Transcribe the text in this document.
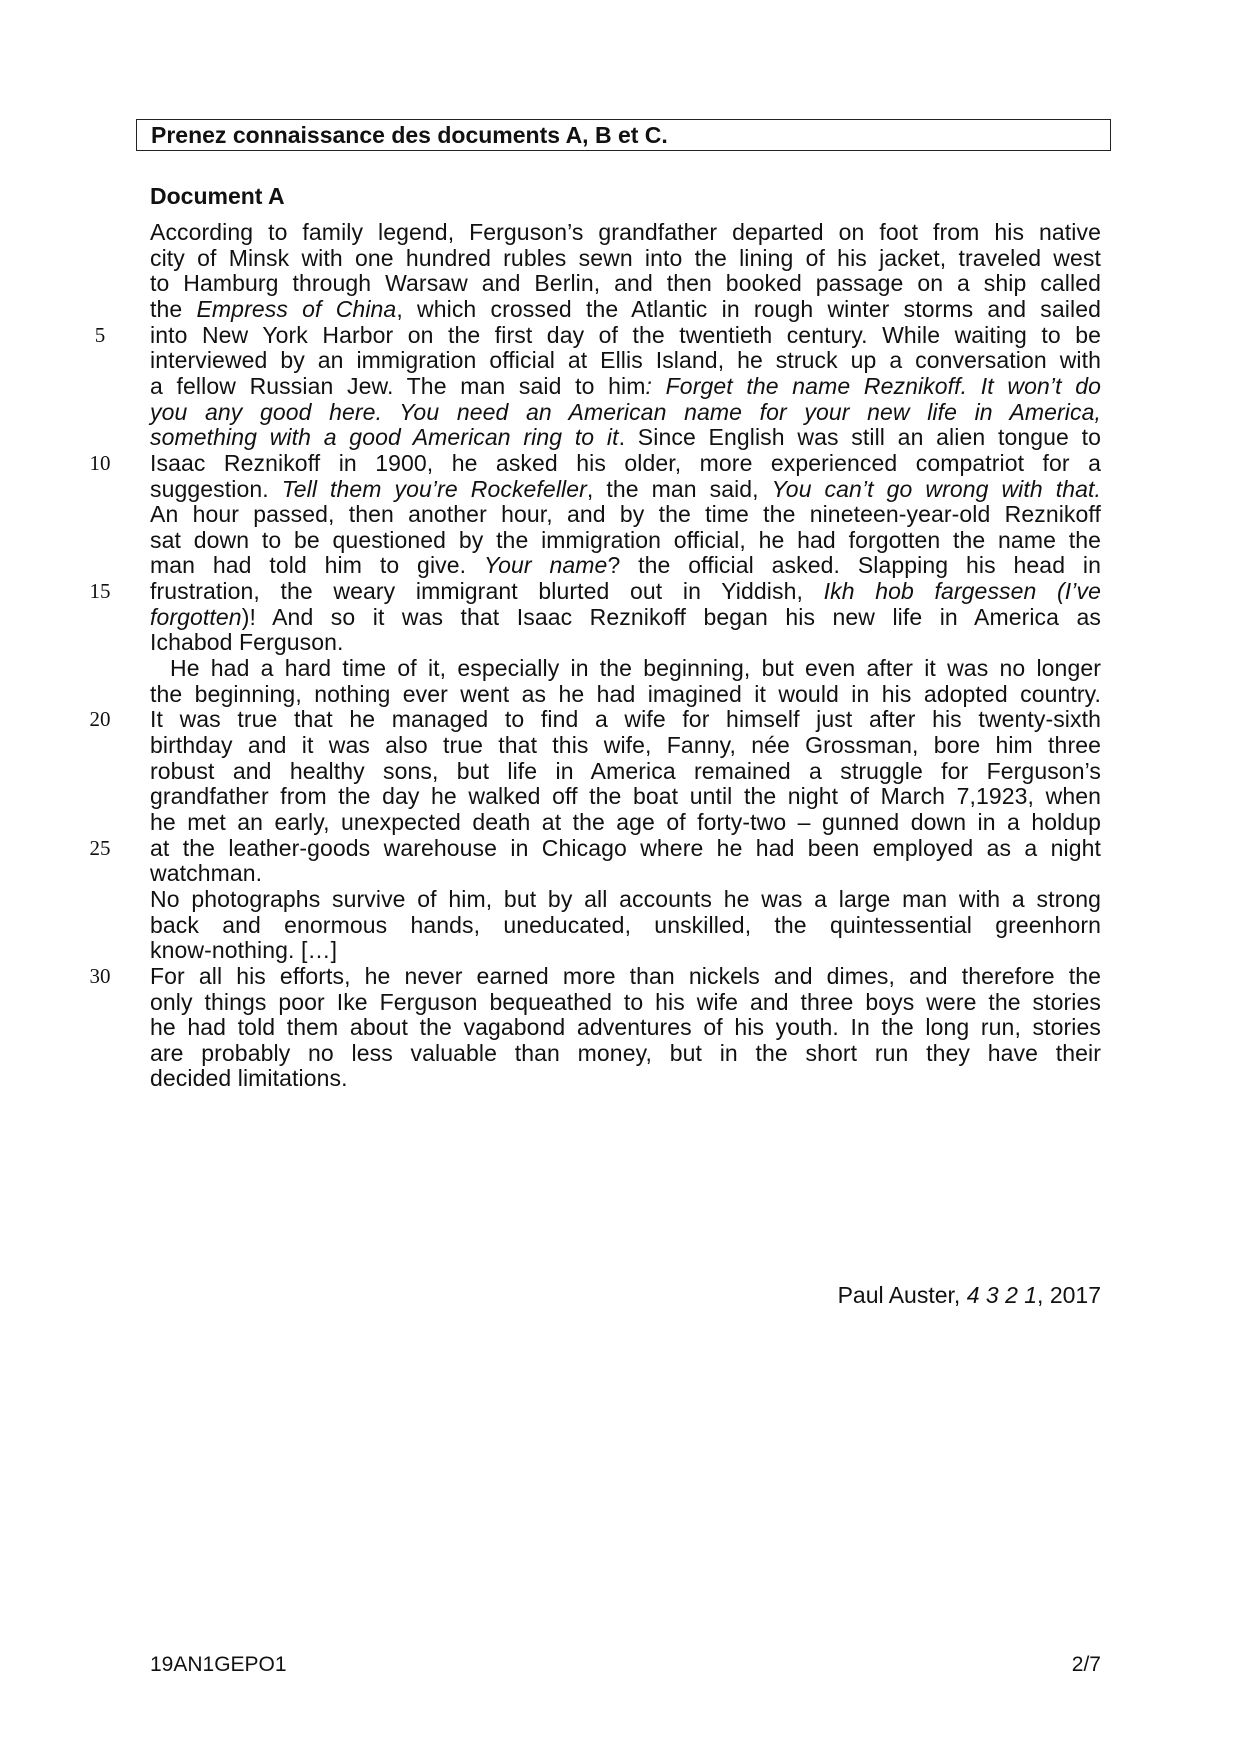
Prenez connaissance des documents A, B et C.
Document A
According to family legend, Ferguson’s grandfather departed on foot from his native
city of Minsk with one hundred rubles sewn into the lining of his jacket, traveled west
to Hamburg through Warsaw and Berlin, and then booked passage on a ship called
the Empress of China, which crossed the Atlantic in rough winter storms and sailed
into New York Harbor on the first day of the twentieth century. While waiting to be
interviewed by an immigration official at Ellis Island, he struck up a conversation with
a fellow Russian Jew. The man said to him: Forget the name Reznikoff. It won’t do
you any good here. You need an American name for your new life in America,
something with a good American ring to it. Since English was still an alien tongue to
Isaac Reznikoff in 1900, he asked his older, more experienced compatriot for a
suggestion. Tell them you’re Rockefeller, the man said, You can’t go wrong with that.
An hour passed, then another hour, and by the time the nineteen-year-old Reznikoff
sat down to be questioned by the immigration official, he had forgotten the name the
man had told him to give. Your name? the official asked. Slapping his head in
frustration, the weary immigrant blurted out in Yiddish, Ikh hob fargessen (I’ve
forgotten)! And so it was that Isaac Reznikoff began his new life in America as
Ichabod Ferguson.
He had a hard time of it, especially in the beginning, but even after it was no longer
the beginning, nothing ever went as he had imagined it would in his adopted country.
It was true that he managed to find a wife for himself just after his twenty-sixth
birthday and it was also true that this wife, Fanny, née Grossman, bore him three
robust and healthy sons, but life in America remained a struggle for Ferguson’s
grandfather from the day he walked off the boat until the night of March 7,1923, when
he met an early, unexpected death at the age of forty-two – gunned down in a holdup
at the leather-goods warehouse in Chicago where he had been employed as a night
watchman.
No photographs survive of him, but by all accounts he was a large man with a strong
back and enormous hands, uneducated, unskilled, the quintessential greenhorn
know-nothing. […]
For all his efforts, he never earned more than nickels and dimes, and therefore the
only things poor Ike Ferguson bequeathed to his wife and three boys were the stories
he had told them about the vagabond adventures of his youth. In the long run, stories
are probably no less valuable than money, but in the short run they have their
decided limitations.
5
10
15
20
25
30
Paul Auster, 4 3 2 1, 2017
19AN1GEPO1	2/7
